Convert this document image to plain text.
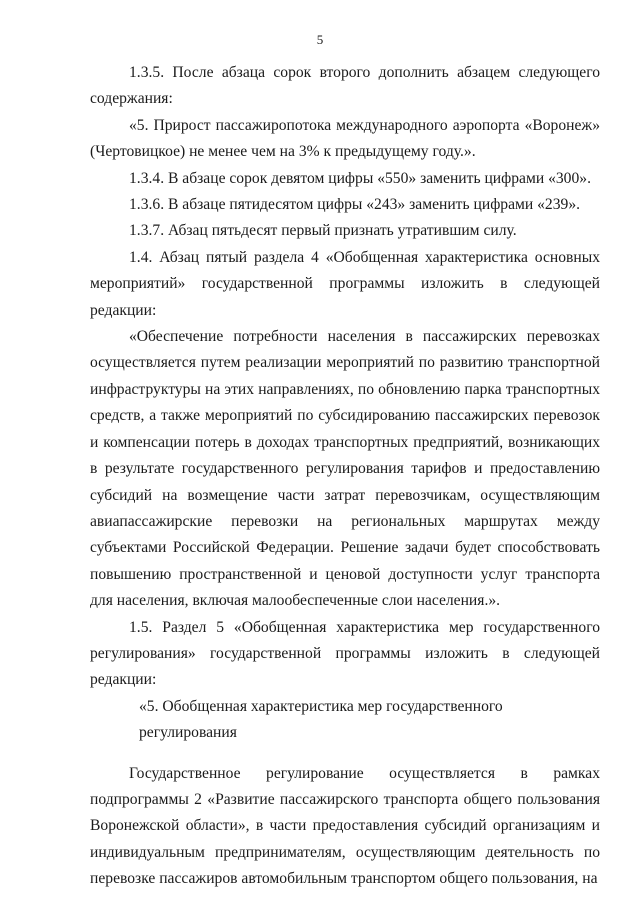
5

1.3.5. После абзаца сорок второго дополнить абзацем следующего содержания:

«5. Прирост пассажиропотока международного аэропорта «Воронеж» (Чертовицкое) не менее чем на 3% к предыдущему году.».

1.3.4. В абзаце сорок девятом цифры «550» заменить цифрами «300».

1.3.6. В абзаце пятидесятом цифры «243» заменить цифрами «239».

1.3.7. Абзац пятьдесят первый признать утратившим силу.

1.4. Абзац пятый раздела 4 «Обобщенная характеристика основных мероприятий» государственной программы изложить в следующей редакции:

«Обеспечение потребности населения в пассажирских перевозках осуществляется путем реализации мероприятий по развитию транспортной инфраструктуры на этих направлениях, по обновлению парка транспортных средств, а также мероприятий по субсидированию пассажирских перевозок и компенсации потерь в доходах транспортных предприятий, возникающих в результате государственного регулирования тарифов и предоставлению субсидий на возмещение части затрат перевозчикам, осуществляющим авиапассажирские перевозки на региональных маршрутах между субъектами Российской Федерации. Решение задачи будет способствовать повышению пространственной и ценовой доступности услуг транспорта для населения, включая малообеспеченные слои населения.».

1.5. Раздел 5 «Обобщенная характеристика мер государственного регулирования» государственной программы изложить в следующей редакции:

«5. Обобщенная характеристика мер государственного регулирования

Государственное регулирование осуществляется в рамках подпрограммы 2 «Развитие пассажирского транспорта общего пользования Воронежской области», в части предоставления субсидий организациям и индивидуальным предпринимателям, осуществляющим деятельность по перевозке пассажиров автомобильным транспортом общего пользования, на
